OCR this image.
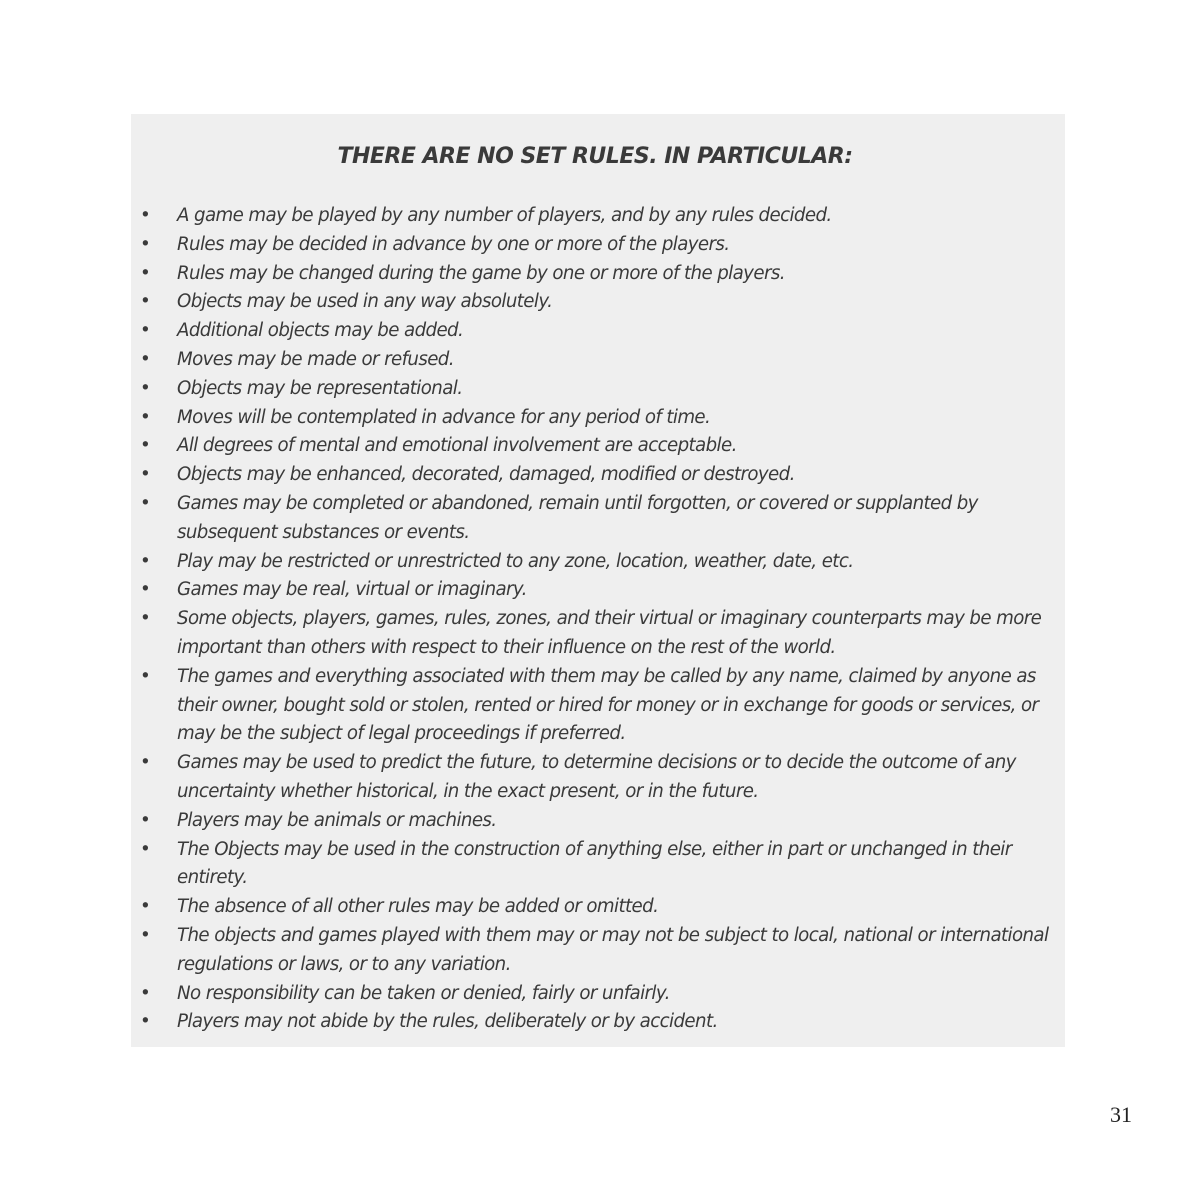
THERE ARE NO SET RULES. IN PARTICULAR:
• A game may be played by any number of players, and by any rules decided.
• Rules may be decided in advance by one or more of the players.
• Rules may be changed during the game by one or more of the players.
• Objects may be used in any way absolutely.
• Additional objects may be added.
• Moves may be made or refused.
• Objects may be representational.
• Moves will be contemplated in advance for any period of time.
• All degrees of mental and emotional involvement are acceptable.
• Objects may be enhanced, decorated, damaged, modified or destroyed.
• Games may be completed or abandoned, remain until forgotten, or covered or supplanted by subsequent substances or events.
• Play may be restricted or unrestricted to any zone, location, weather, date, etc.
• Games may be real, virtual or imaginary.
• Some objects, players, games, rules, zones, and their virtual or imaginary counterparts may be more important than others with respect to their influence on the rest of the world.
• The games and everything associated with them may be called by any name, claimed by anyone as their owner, bought sold or stolen, rented or hired for money or in exchange for goods or services, or may be the subject of legal proceedings if preferred.
• Games may be used to predict the future, to determine decisions or to decide the outcome of any uncertainty whether historical, in the exact present, or in the future.
• Players may be animals or machines.
• The Objects may be used in the construction of anything else, either in part or unchanged in their entirety.
• The absence of all other rules may be added or omitted.
• The objects and games played with them may or may not be subject to local, national or international regulations or laws, or to any variation.
• No responsibility can be taken or denied, fairly or unfairly.
• Players may not abide by the rules, deliberately or by accident.
31
